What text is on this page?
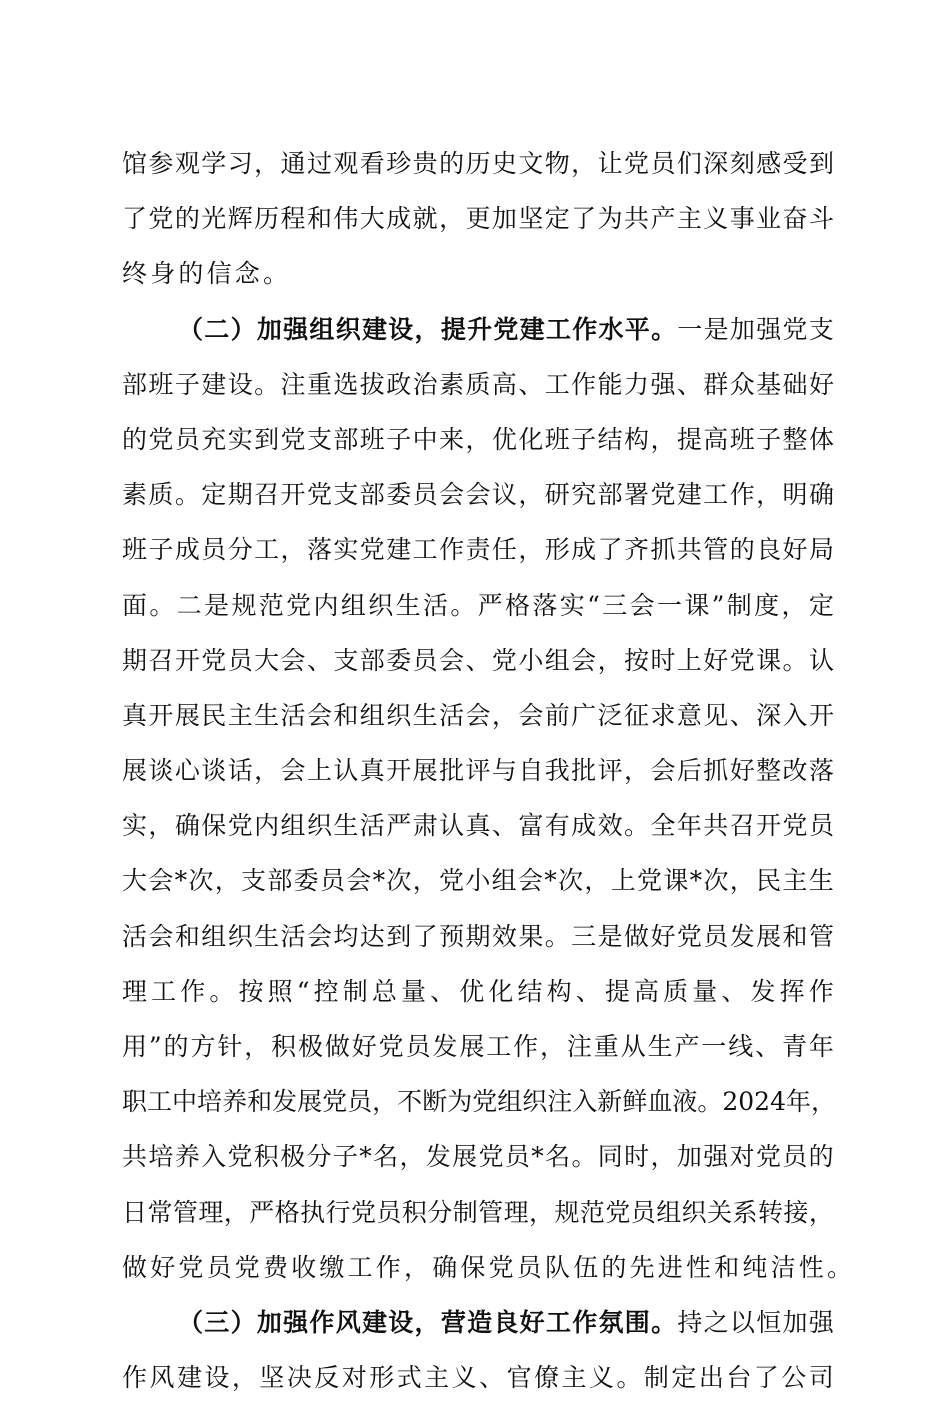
馆 参 观 学 习 ， 通 过 观 看 珍 贵 的 历 史 文 物 ， 让 党 员 们 深 刻 感 受 到
了 党 的 光 辉 历 程 和 伟 大 成 就 ， 更 加 坚 定 了 为 共 产 主 义 事 业 奋 斗
终身的信念。
（ 二 ） 加 强 组 织 建 设 ， 提 升 党 建 工 作 水 平 。 一 是 加 强 党 支
部 班 子 建 设 。 注 重 选 拔 政 治 素 质 高 、 工 作 能 力 强 、 群 众 基 础 好
的 党 员 充 实 到 党 支 部 班 子 中 来 ， 优 化 班 子 结 构 ， 提 高 班 子 整 体
素 质 。 定 期 召 开 党 支 部 委 员 会 会 议 ， 研 究 部 署 党 建 工 作 ， 明 确
班 子 成 员 分 工 ， 落 实 党 建 工 作 责 任 ， 形 成 了 齐 抓 共 管 的 良 好 局
面 。 二 是 规 范 党 内 组 织 生 活 。 严 格 落 实 “ 三 会 一 课 ” 制 度 ， 定
期 召 开 党 员 大 会 、 支 部 委 员 会 、 党 小 组 会 ， 按 时 上 好 党 课 。 认
真 开 展 民 主 生 活 会 和 组 织 生 活 会 ， 会 前 广 泛 征 求 意 见 、 深 入 开
展 谈 心 谈 话 ， 会 上 认 真 开 展 批 评 与 自 我 批 评 ， 会 后 抓 好 整 改 落
实 ， 确 保 党 内 组 织 生 活 严 肃 认 真 、 富 有 成 效 。 全 年 共 召 开 党 员
大 会 * 次 ， 支 部 委 员 会 * 次 ， 党 小 组 会 * 次 ， 上 党 课 * 次 ， 民 主 生
活 会 和 组 织 生 活 会 均 达 到 了 预 期 效 果 。 三 是 做 好 党 员 发 展 和 管
理 工 作 。 按 照 “ 控 制 总 量 、 优 化 结 构 、 提 高 质 量 、 发 挥 作
用 ” 的 方 针 ， 积 极 做 好 党 员 发 展 工 作 ， 注 重 从 生 产 一 线 、 青 年
职 工 中 培 养 和 发 展 党 员 ， 不 断 为 党 组 织 注 入 新 鲜 血 液 。 2024 年 ，
共 培 养 入 党 积 极 分 子 * 名 ， 发 展 党 员 * 名 。 同 时 ， 加 强 对 党 员 的
日 常 管 理 ， 严 格 执 行 党 员 积 分 制 管 理 ， 规 范 党 员 组 织 关 系 转 接 ，
做好党员党费收缴工作，确保党员队伍的先进性和纯洁性。
（ 三 ） 加 强 作 风 建 设 ， 营 造 良 好 工 作 氛 围 。 持 之 以 恒 加 强
作 风 建 设 ， 坚 决 反 对 形 式 主 义 、 官 僚 主 义 。 制 定 出 台 了 公 司
